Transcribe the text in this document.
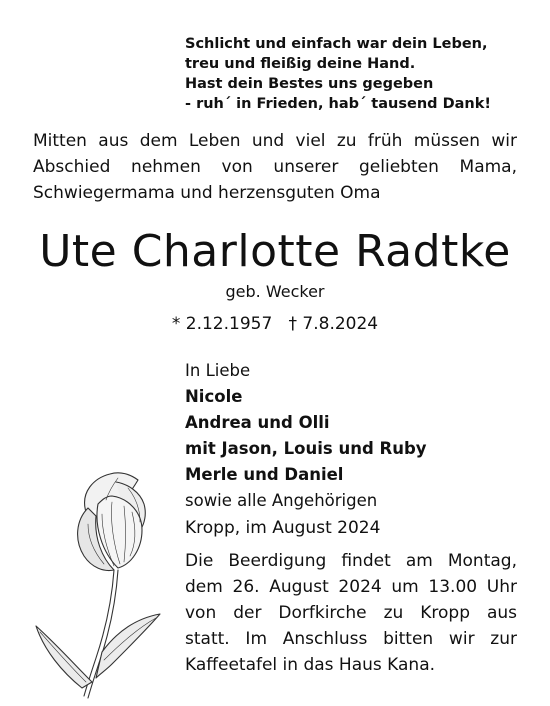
Schlicht und einfach war dein Leben,
treu und fleißig deine Hand.
Hast dein Bestes uns gegeben
- ruh´ in Frieden, hab´ tausend Dank!
Mitten aus dem Leben und viel zu früh müssen wir
Abschied nehmen von unserer geliebten Mama,
Schwiegermama und herzensguten Oma
Ute Charlotte Radtke
geb. Wecker
* 2.12.1957 † 7.8.2024
In Liebe
Nicole
Andrea und Olli
mit Jason, Louis und Ruby
Merle und Daniel
sowie alle Angehörigen
Kropp, im August 2024
Die Beerdigung findet am Montag,
dem 26. August 2024 um 13.00 Uhr
von der Dorfkirche zu Kropp aus
statt. Im Anschluss bitten wir zur
Kaffeetafel in das Haus Kana.
